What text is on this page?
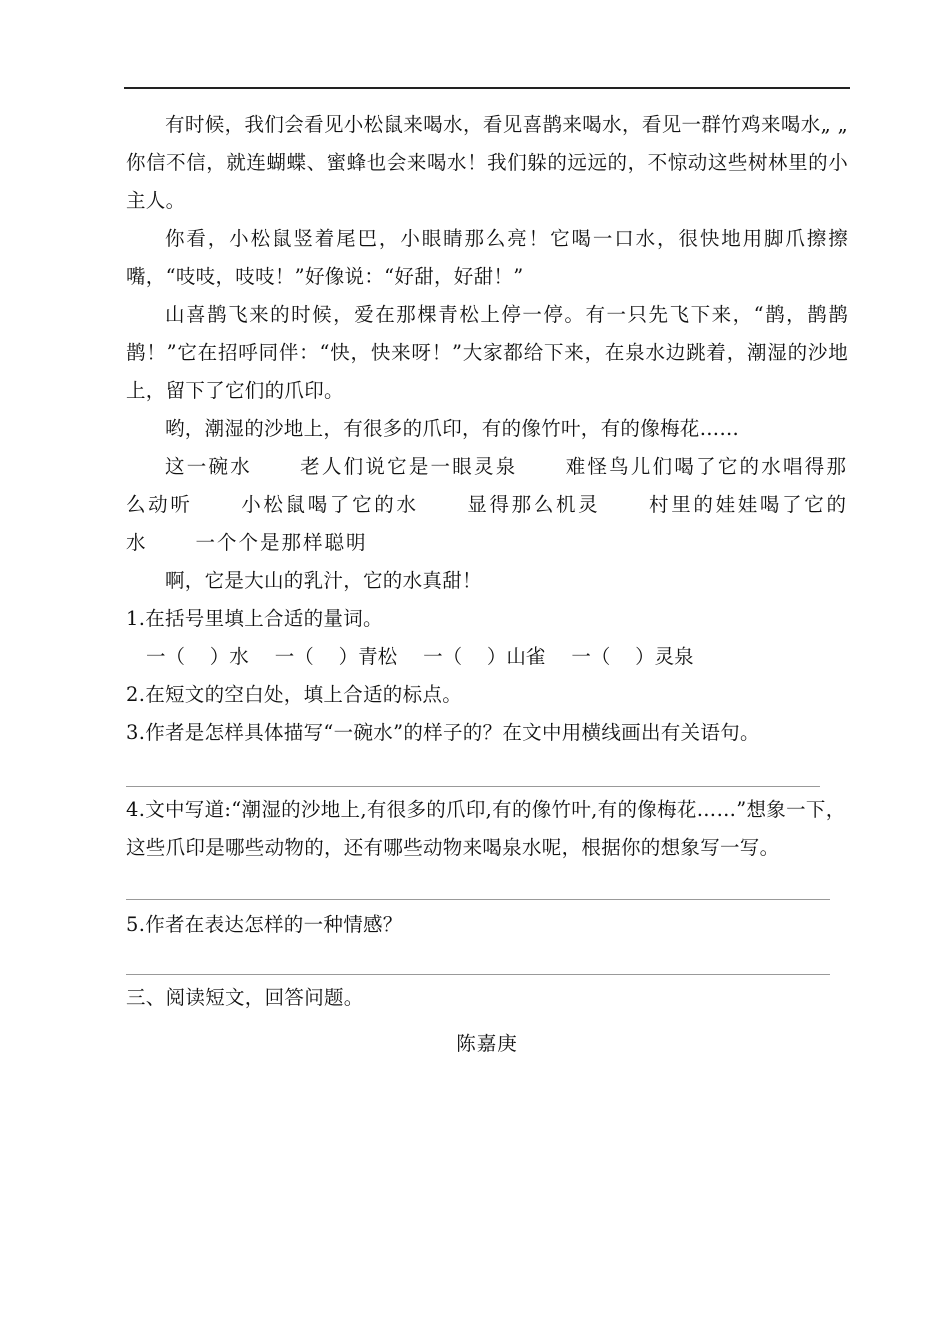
有时候，我们会看见小松鼠来喝水，看见喜鹊来喝水，看见一群竹鸡来喝水„ „ 你信不信，就连蝴蝶、蜜蜂也会来喝水！我们躲的远远的，不惊动这些树林里的小主人。

你看，小松鼠竖着尾巴，小眼睛那么亮！它喝一口水，很快地用脚爪擦擦嘴，“吱吱，吱吱！”好像说：“好甜，好甜！”

山喜鹊飞来的时候，爱在那棵青松上停一停。有一只先飞下来，“鹊，鹊鹊鹊！”它在招呼同伴：“快，快来呀！”大家都给下来，在泉水边跳着，潮湿的沙地上，留下了它们的爪印。

哟，潮湿的沙地上，有很多的爪印，有的像竹叶，有的像梅花……

这一碗水 老人们说它是一眼灵泉 难怪鸟儿们喝了它的水唱得那么动听 小松鼠喝了它的水 显得那么机灵 村里的娃娃喝了它的水 一个个是那样聪明

啊，它是大山的乳汁，它的水真甜！

1.在括号里填上合适的量词。

一（    ）水 一（    ）青松 一（    ）山雀 一（    ）灵泉

2.在短文的空白处，填上合适的标点。

3.作者是怎样具体描写“一碗水”的样子的？在文中用横线画出有关语句。

4.文中写道:“潮湿的沙地上,有很多的爪印,有的像竹叶,有的像梅花……”想象一下，这些爪印是哪些动物的，还有哪些动物来喝泉水呢，根据你的想象写一写。

5.作者在表达怎样的一种情感？

三、阅读短文，回答问题。

陈嘉庚
